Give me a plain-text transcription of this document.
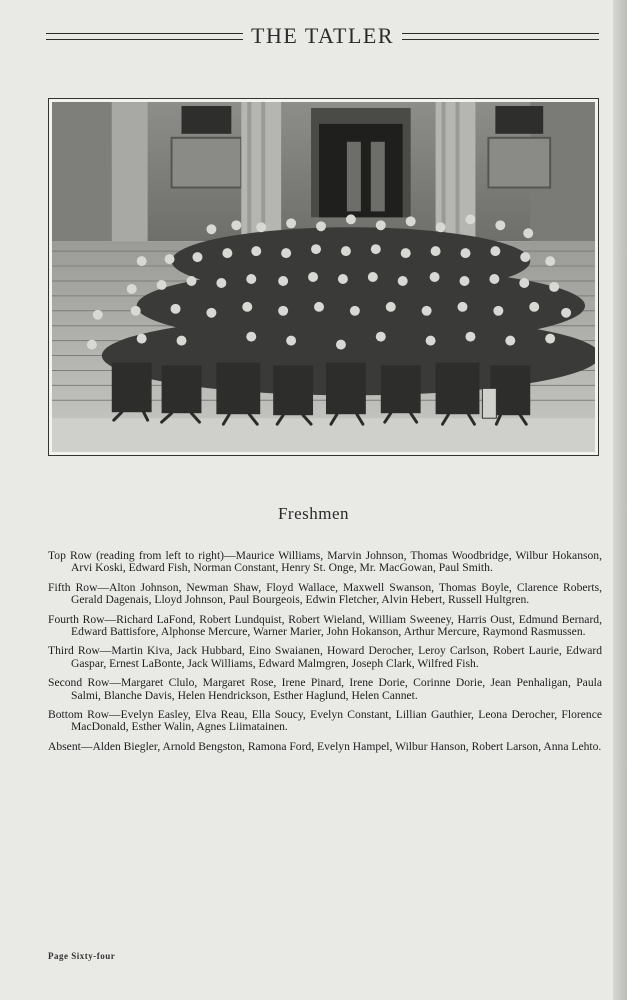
THE TATLER
Freshmen

Top Row (reading from left to right)—Maurice Williams, Marvin Johnson, Thomas Woodbridge, Wilbur Hokanson, Arvi Koski, Edward Fish, Norman Constant, Henry St. Onge, Mr. MacGowan, Paul Smith.

Fifth Row—Alton Johnson, Newman Shaw, Floyd Wallace, Maxwell Swanson, Thomas Boyle, Clarence Roberts, Gerald Dagenais, Lloyd Johnson, Paul Bourgeois, Edwin Fletcher, Alvin Hebert, Russell Hultgren.

Fourth Row—Richard LaFond, Robert Lundquist, Robert Wieland, William Sweeney, Harris Oust, Edmund Bernard, Edward Battisfore, Alphonse Mercure, Warner Marier, John Hokanson, Arthur Mercure, Raymond Rasmussen.

Third Row—Martin Kiva, Jack Hubbard, Eino Swaianen, Howard Derocher, Leroy Carlson, Robert Laurie, Edward Gaspar, Ernest LaBonte, Jack Williams, Edward Malmgren, Joseph Clark, Wilfred Fish.

Second Row—Margaret Clulo, Margaret Rose, Irene Pinard, Irene Dorie, Corinne Dorie, Jean Penhaligan, Paula Salmi, Blanche Davis, Helen Hendrickson, Esther Haglund, Helen Cannet.

Bottom Row—Evelyn Easley, Elva Reau, Ella Soucy, Evelyn Constant, Lillian Gauthier, Leona Derocher, Florence MacDonald, Esther Walin, Agnes Liimatainen.

Absent—Alden Biegler, Arnold Bengston, Ramona Ford, Evelyn Hampel, Wilbur Hanson, Robert Larson, Anna Lehto.

Page Sixty-four
